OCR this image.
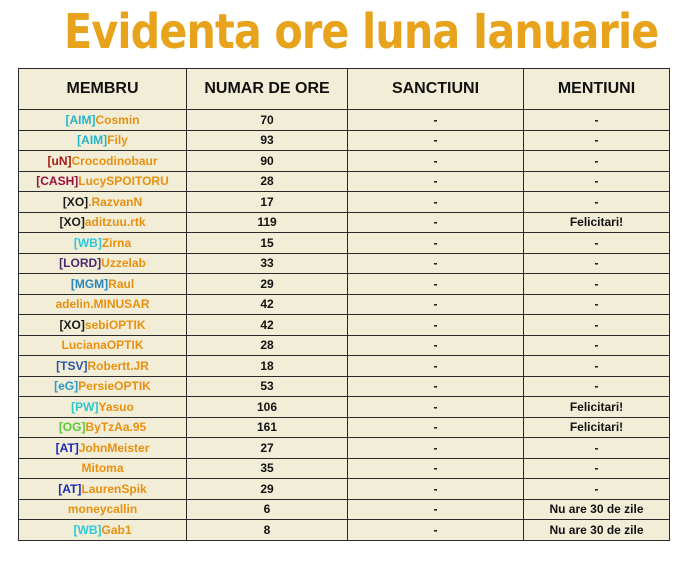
Evidenta ore luna Ianuarie
MEMBRU	NUMAR DE ORE	SANCTIUNI	MENTIUNI
[AIM]Cosmin	70	-	-
[AIM]Fily	93	-	-
[uN]Crocodinobaur	90	-	-
[CASH]LucySPOITORU	28	-	-
[XO].RazvanN	17	-	-
[XO]aditzuu.rtk	119	-	Felicitari!
[WB]Zirna	15	-	-
[LORD]Uzzelab	33	-	-
[MGM]Raul	29	-	-
adelin.MINUSAR	42	-	-
[XO]sebiOPTIK	42	-	-
LucianaOPTIK	28	-	-
[TSV]Robertt.JR	18	-	-
[eG]PersieOPTIK	53	-	-
[PW]Yasuo	106	-	Felicitari!
[OG]ByTzAa.95	161	-	Felicitari!
[AT]JohnMeister	27	-	-
Mitoma	35	-	-
[AT]LaurenSpik	29	-	-
moneycallin	6	-	Nu are 30 de zile
[WB]Gab1	8	-	Nu are 30 de zile
